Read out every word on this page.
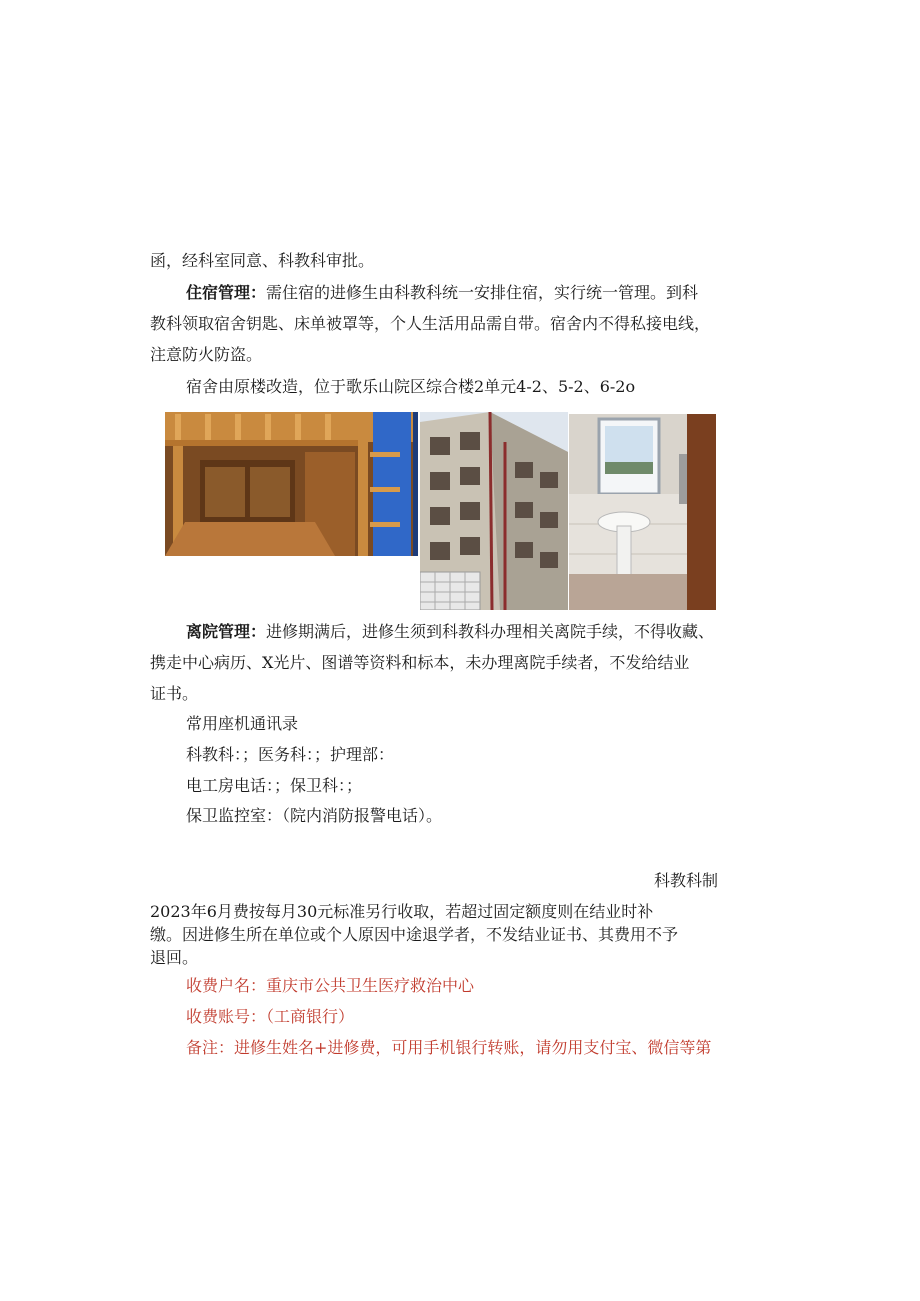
函，经科室同意、科教科审批。
住宿管理：需住宿的进修生由科教科统一安排住宿，实行统一管理。到科
教科领取宿舍钥匙、床单被罩等，个人生活用品需自带。宿舍内不得私接电线，
注意防火防盗。
宿舍由原楼改造，位于歌乐山院区综合楼2单元4-2、5-2、6-2o
离院管理：进修期满后，进修生须到科教科办理相关离院手续，不得收藏、
携走中心病历、X光片、图谱等资料和标本，未办理离院手续者，不发给结业
证书。
常用座机通讯录
科教科：；医务科：；护理部：
电工房电话：；保卫科：；
保卫监控室：（院内消防报警电话）。
科教科制
2023年6月费按每月30元标准另行收取，若超过固定额度则在结业时补
缴。因进修生所在单位或个人原因中途退学者，不发结业证书、其费用不予
退回。
收费户名：重庆市公共卫生医疗救治中心
收费账号：（工商银行）
备注：进修生姓名+进修费，可用手机银行转账，请勿用支付宝、微信等第
